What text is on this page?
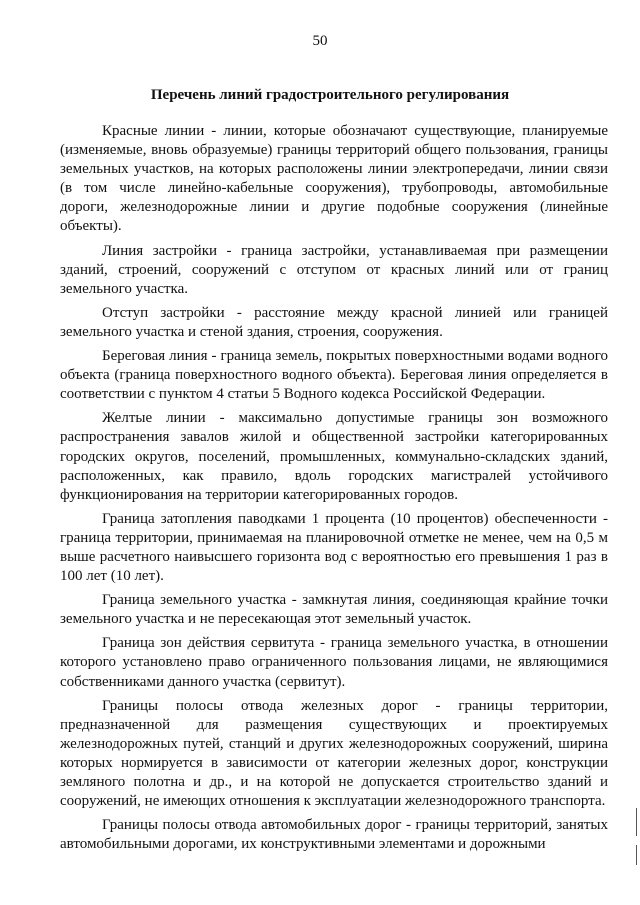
50
Перечень линий градостроительного регулирования

Красные линии - линии, которые обозначают существующие, планируемые (изменяемые, вновь образуемые) границы территорий общего пользования, границы земельных участков, на которых расположены линии электропередачи, линии связи (в том числе линейно-кабельные сооружения), трубопроводы, автомобильные дороги, железнодорожные линии и другие подобные сооружения (линейные объекты).

Линия застройки - граница застройки, устанавливаемая при размещении зданий, строений, сооружений с отступом от красных линий или от границ земельного участка.

Отступ застройки - расстояние между красной линией или границей земельного участка и стеной здания, строения, сооружения.

Береговая линия - граница земель, покрытых поверхностными водами водного объекта (граница поверхностного водного объекта). Береговая линия определяется в соответствии с пунктом 4 статьи 5 Водного кодекса Российской Федерации.

Желтые линии - максимально допустимые границы зон возможного распространения завалов жилой и общественной застройки категорированных городских округов, поселений, промышленных, коммунально-складских зданий, расположенных, как правило, вдоль городских магистралей устойчивого функционирования на территории категорированных городов.

Граница затопления паводками 1 процента (10 процентов) обеспеченности - граница территории, принимаемая на планировочной отметке не менее, чем на 0,5 м выше расчетного наивысшего горизонта вод с вероятностью его превышения 1 раз в 100 лет (10 лет).

Граница земельного участка - замкнутая линия, соединяющая крайние точки земельного участка и не пересекающая этот земельный участок.

Граница зон действия сервитута - граница земельного участка, в отношении которого установлено право ограниченного пользования лицами, не являющимися собственниками данного участка (сервитут).

Границы полосы отвода железных дорог - границы территории, предназначенной для размещения существующих и проектируемых железнодорожных путей, станций и других железнодорожных сооружений, ширина которых нормируется в зависимости от категории железных дорог, конструкции земляного полотна и др., и на которой не допускается строительство зданий и сооружений, не имеющих отношения к эксплуатации железнодорожного транспорта.

Границы полосы отвода автомобильных дорог - границы территорий, занятых автомобильными дорогами, их конструктивными элементами и дорожными
